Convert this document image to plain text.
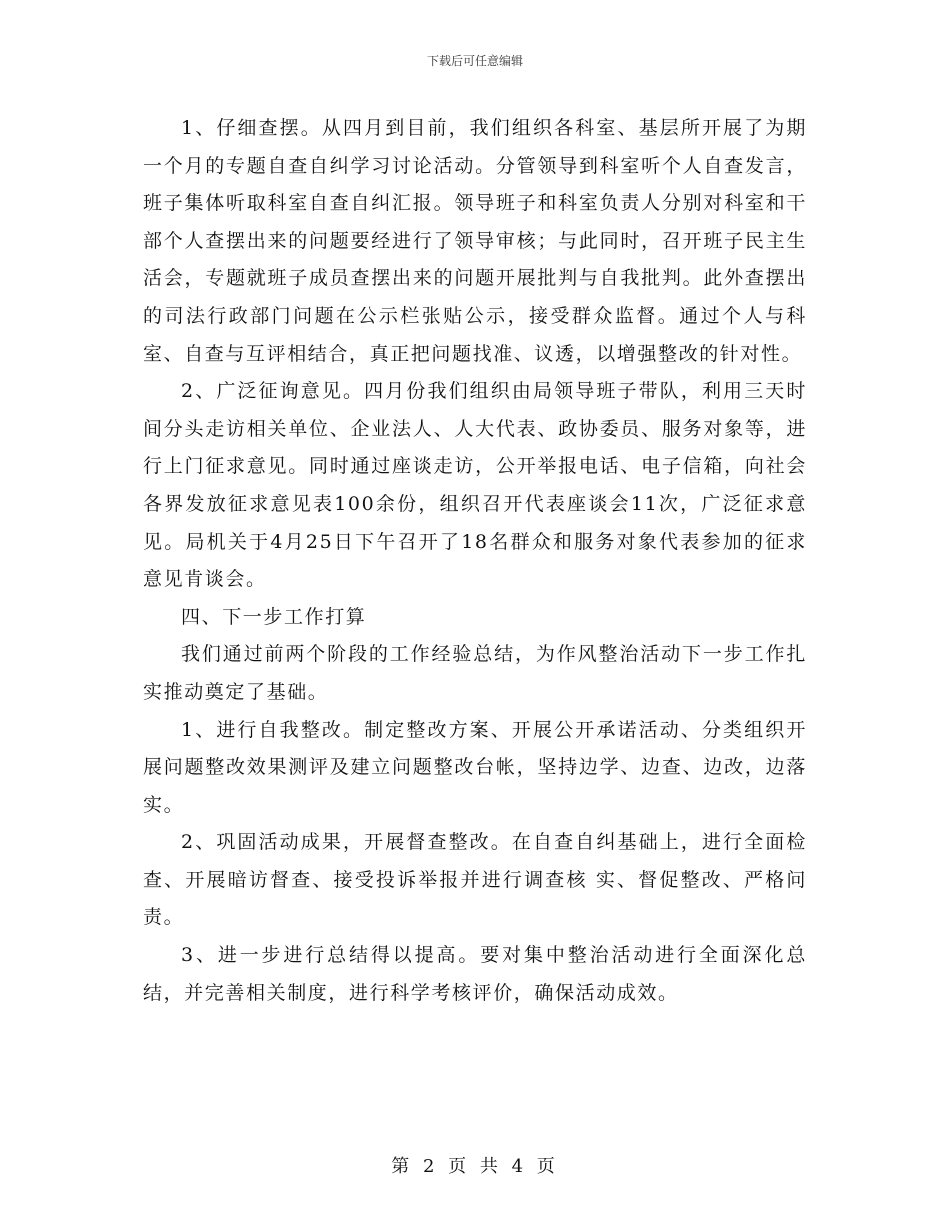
下载后可任意编辑

1、仔细查摆。从四月到目前，我们组织各科室、基层所开展了为期一个月的专题自查自纠学习讨论活动。分管领导到科室听个人自查发言，班子集体听取科室自查自纠汇报。领导班子和科室负责人分别对科室和干部个人查摆出来的问题要经进行了领导审核；与此同时，召开班子民主生活会，专题就班子成员查摆出来的问题开展批判与自我批判。此外查摆出的司法行政部门问题在公示栏张贴公示，接受群众监督。通过个人与科室、自查与互评相结合，真正把问题找准、议透，以增强整改的针对性。

2、广泛征询意见。四月份我们组织由局领导班子带队，利用三天时间分头走访相关单位、企业法人、人大代表、政协委员、服务对象等，进行上门征求意见。同时通过座谈走访，公开举报电话、电子信箱，向社会各界发放征求意见表100余份，组织召开代表座谈会11次，广泛征求意见。局机关于4月25日下午召开了18名群众和服务对象代表参加的征求意见肯谈会。

四、下一步工作打算

我们通过前两个阶段的工作经验总结，为作风整治活动下一步工作扎实推动奠定了基础。

1、进行自我整改。制定整改方案、开展公开承诺活动、分类组织开展问题整改效果测评及建立问题整改台帐，坚持边学、边查、边改，边落实。

2、巩固活动成果，开展督查整改。在自查自纠基础上，进行全面检查、开展暗访督查、接受投诉举报并进行调查核 实、督促整改、严格问责。

3、进一步进行总结得以提高。要对集中整治活动进行全面深化总结，并完善相关制度，进行科学考核评价，确保活动成效。

第 2 页 共 4 页
